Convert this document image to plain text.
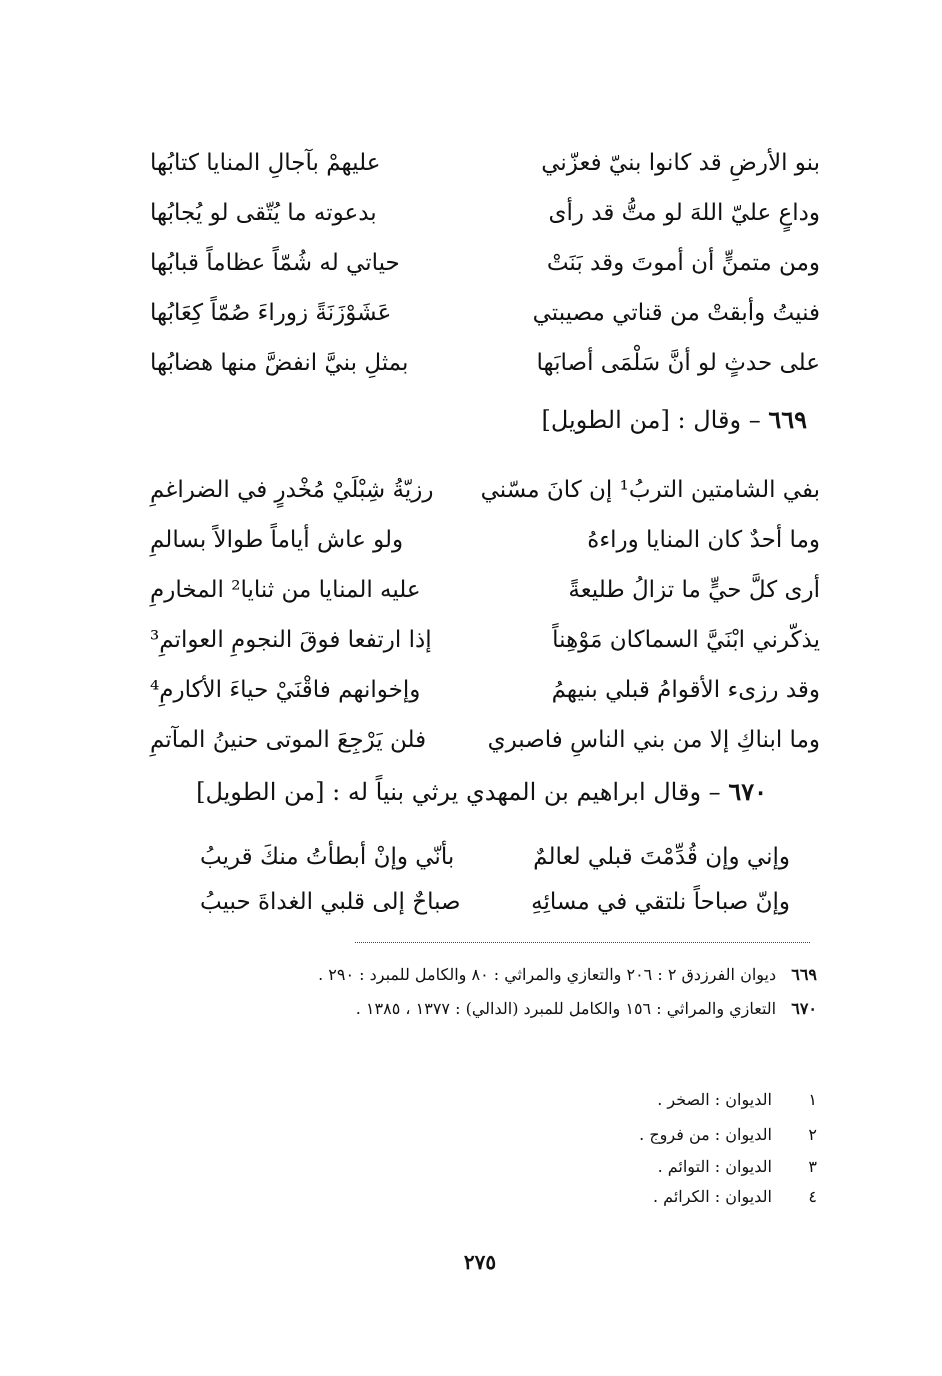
بنو الأرضِ قد كانوا بنيّ فعزّني
عليهمْ بآجالِ المنايا كتابُها
وداعٍ عليّ اللهَ لو متُّ قد رأى
بدعوته ما يُتّقى لو يُجابُها
ومن متمنٍّ أن أموتَ وقد بَنَتْ
حياتي له شُمّاً عظاماً قبابُها
فنيتُ وأبقتْ من قناتي مصيبتي
عَشَوْزَنَةً زوراءَ صُمّاً كِعَابُها
على حدثٍ لو أنَّ سَلْمَى أصابَها
بمثلِ بنيَّ انفضَّ منها هضابُها
٦٦٩ – وقال : [من الطويل]
بفي الشامتين التربُ¹ إن كانَ مسّني
رزيّةُ شِبْلَيْ مُخْدرٍ في الضراغمِ
وما أحدٌ كان المنايا وراءهُ
ولو عاش أياماً طوالاً بسالمِ
أرى كلَّ حيٍّ ما تزالُ طليعةً
عليه المنايا من ثنايا² المخارمِ
يذكّرني ابْنَيَّ السماكان مَوْهِناً
إذا ارتفعا فوقَ النجومِ العواتمِ³
وقد رزىء الأقوامُ قبلي بنيهمُ
وإخوانهم فاقْنَيْ حياءَ الأكارمِ⁴
وما ابناكِ إلا من بني الناسِ فاصبري
فلن يَرْجِعَ الموتى حنينُ المآتمِ
٦٧٠ – وقال ابراهيم بن المهدي يرثي بنياً له : [من الطويل]
وإني وإن قُدِّمْتَ قبلي لعالمٌ
بأنّي وإنْ أبطأتُ منكَ قريبُ
وإنّ صباحاً نلتقي في مسائِهِ
صباحٌ إلى قلبي الغداةَ حبيبُ
٦٦٩ ديوان الفرزدق ٢ : ٢٠٦ والتعازي والمراثي : ٨٠ والكامل للمبرد : ٢٩٠ .
٦٧٠ التعازي والمراثي : ١٥٦ والكامل للمبرد (الدالي) : ١٣٧٧ ، ١٣٨٥ .
١ الديوان : الصخر .
٢ الديوان : من فروج .
٣ الديوان : التوائم .
٤ الديوان : الكرائم .
٢٧٥
